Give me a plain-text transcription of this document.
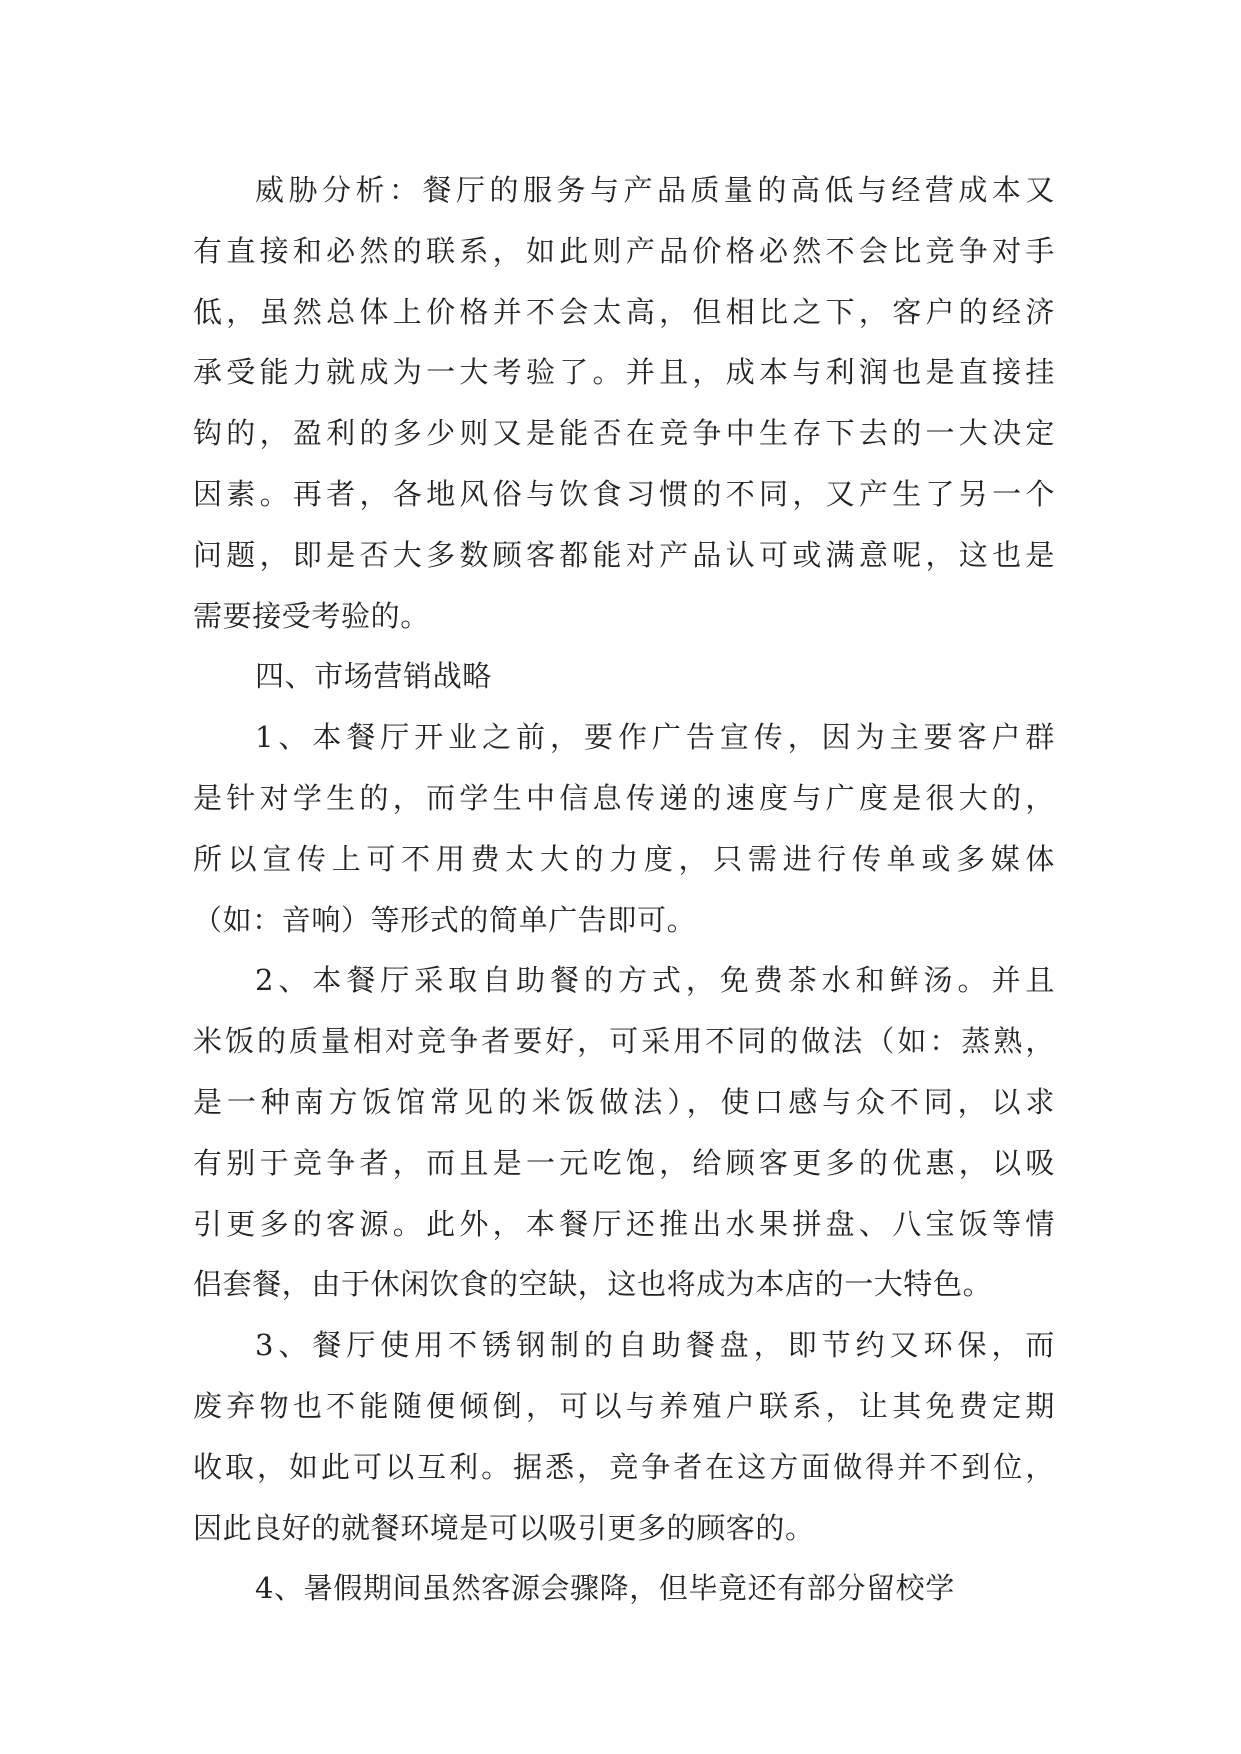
威胁分析：餐厅的服务与产品质量的高低与经营成本又
有直接和必然的联系，如此则产品价格必然不会比竞争对手
低，虽然总体上价格并不会太高，但相比之下，客户的经济
承受能力就成为一大考验了。并且，成本与利润也是直接挂
钩的，盈利的多少则又是能否在竞争中生存下去的一大决定
因素。再者，各地风俗与饮食习惯的不同，又产生了另一个
问题，即是否大多数顾客都能对产品认可或满意呢，这也是
需要接受考验的。
四、市场营销战略
1、本餐厅开业之前，要作广告宣传，因为主要客户群
是针对学生的，而学生中信息传递的速度与广度是很大的，
所以宣传上可不用费太大的力度，只需进行传单或多媒体
（如：音响）等形式的简单广告即可。
2、本餐厅采取自助餐的方式，免费茶水和鲜汤。并且
米饭的质量相对竞争者要好，可采用不同的做法（如：蒸熟，
是一种南方饭馆常见的米饭做法），使口感与众不同，以求
有别于竞争者，而且是一元吃饱，给顾客更多的优惠，以吸
引更多的客源。此外，本餐厅还推出水果拼盘、八宝饭等情
侣套餐，由于休闲饮食的空缺，这也将成为本店的一大特色。
3、餐厅使用不锈钢制的自助餐盘，即节约又环保，而
废弃物也不能随便倾倒，可以与养殖户联系，让其免费定期
收取，如此可以互利。据悉，竞争者在这方面做得并不到位，
因此良好的就餐环境是可以吸引更多的顾客的。
4、暑假期间虽然客源会骤降，但毕竟还有部分留校学
